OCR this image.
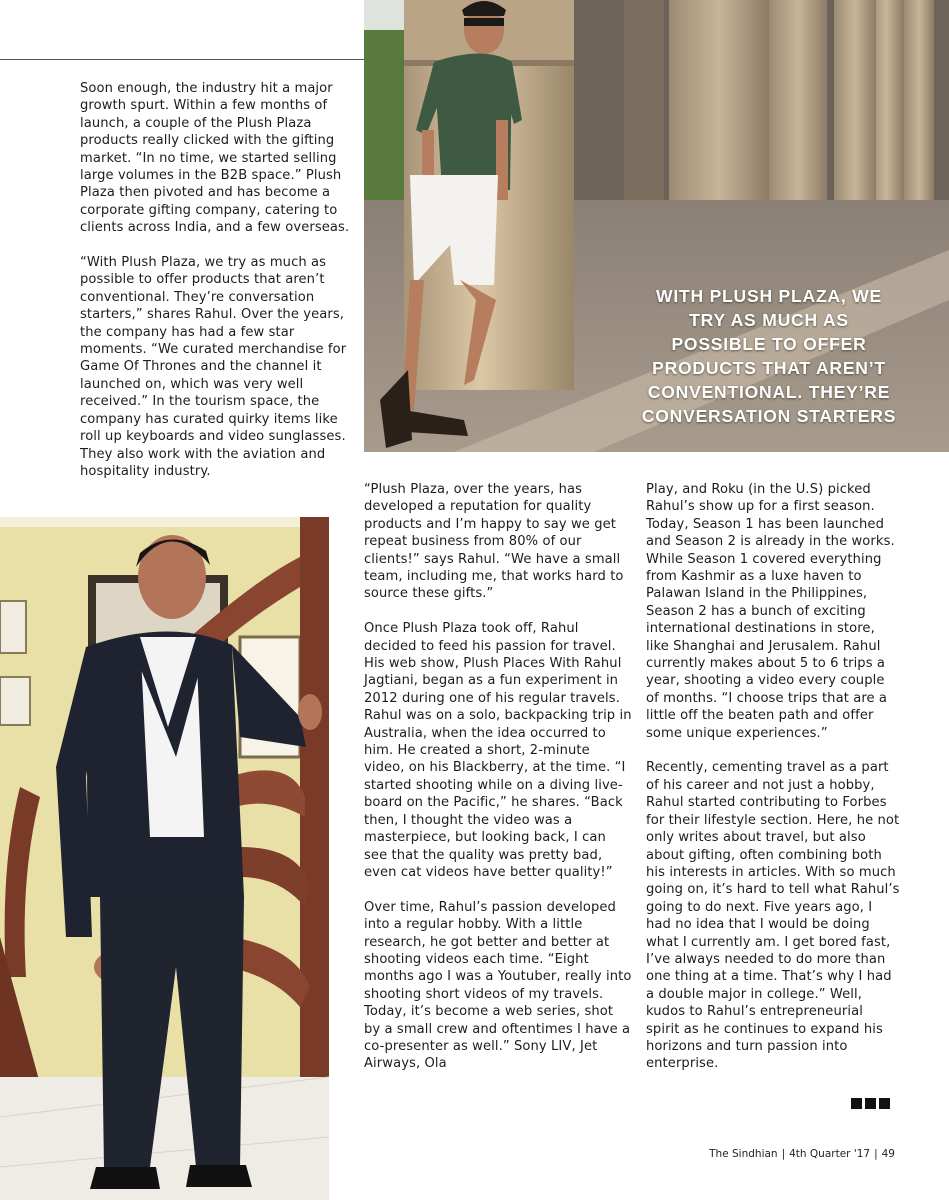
Soon enough, the industry hit a major growth spurt. Within a few months of launch, a couple of the Plush Plaza products really clicked with the gifting market. “In no time, we started selling large volumes in the B2B space.” Plush Plaza then pivoted and has become a corporate gifting company, catering to clients across India, and a few overseas.

“With Plush Plaza, we try as much as possible to offer products that aren’t conventional. They’re conversation starters,” shares Rahul. Over the years, the company has had a few star moments. “We curated merchandise for Game Of Thrones and the channel it launched on, which was very well received.” In the tourism space, the company has curated quirky items like roll up keyboards and video sunglasses. They also work with the aviation and hospitality industry.

WITH PLUSH PLAZA, WE TRY AS MUCH AS POSSIBLE TO OFFER PRODUCTS THAT AREN’T CONVENTIONAL. THEY’RE CONVERSATION STARTERS

“Plush Plaza, over the years, has developed a reputation for quality products and I’m happy to say we get repeat business from 80% of our clients!” says Rahul. “We have a small team, including me, that works hard to source these gifts.”

Once Plush Plaza took off, Rahul decided to feed his passion for travel. His web show, Plush Places With Rahul Jagtiani, began as a fun experiment in 2012 during one of his regular travels. Rahul was on a solo, backpacking trip in Australia, when the idea occurred to him. He created a short, 2-minute video, on his Blackberry, at the time. “I started shooting while on a diving live-board on the Pacific,” he shares. “Back then, I thought the video was a masterpiece, but looking back, I can see that the quality was pretty bad, even cat videos have better quality!”

Over time, Rahul’s passion developed into a regular hobby. With a little research, he got better and better at shooting videos each time. “Eight months ago I was a Youtuber, really into shooting short videos of my travels. Today, it’s become a web series, shot by a small crew and oftentimes I have a co-presenter as well.” Sony LIV, Jet Airways, Ola

Play, and Roku (in the U.S) picked Rahul’s show up for a first season. Today, Season 1 has been launched and Season 2 is already in the works. While Season 1 covered everything from Kashmir as a luxe haven to Palawan Island in the Philippines, Season 2 has a bunch of exciting international destinations in store, like Shanghai and Jerusalem. Rahul currently makes about 5 to 6 trips a year, shooting a video every couple of months. “I choose trips that are a little off the beaten path and offer some unique experiences.”

Recently, cementing travel as a part of his career and not just a hobby, Rahul started contributing to Forbes for their lifestyle section. Here, he not only writes about travel, but also about gifting, often combining both his interests in articles. With so much going on, it’s hard to tell what Rahul’s going to do next. Five years ago, I had no idea that I would be doing what I currently am. I get bored fast, I’ve always needed to do more than one thing at a time. That’s why I had a double major in college.” Well, kudos to Rahul’s entrepreneurial spirit as he continues to expand his horizons and turn passion into enterprise.

The Sindhian | 4th Quarter '17 | 49
